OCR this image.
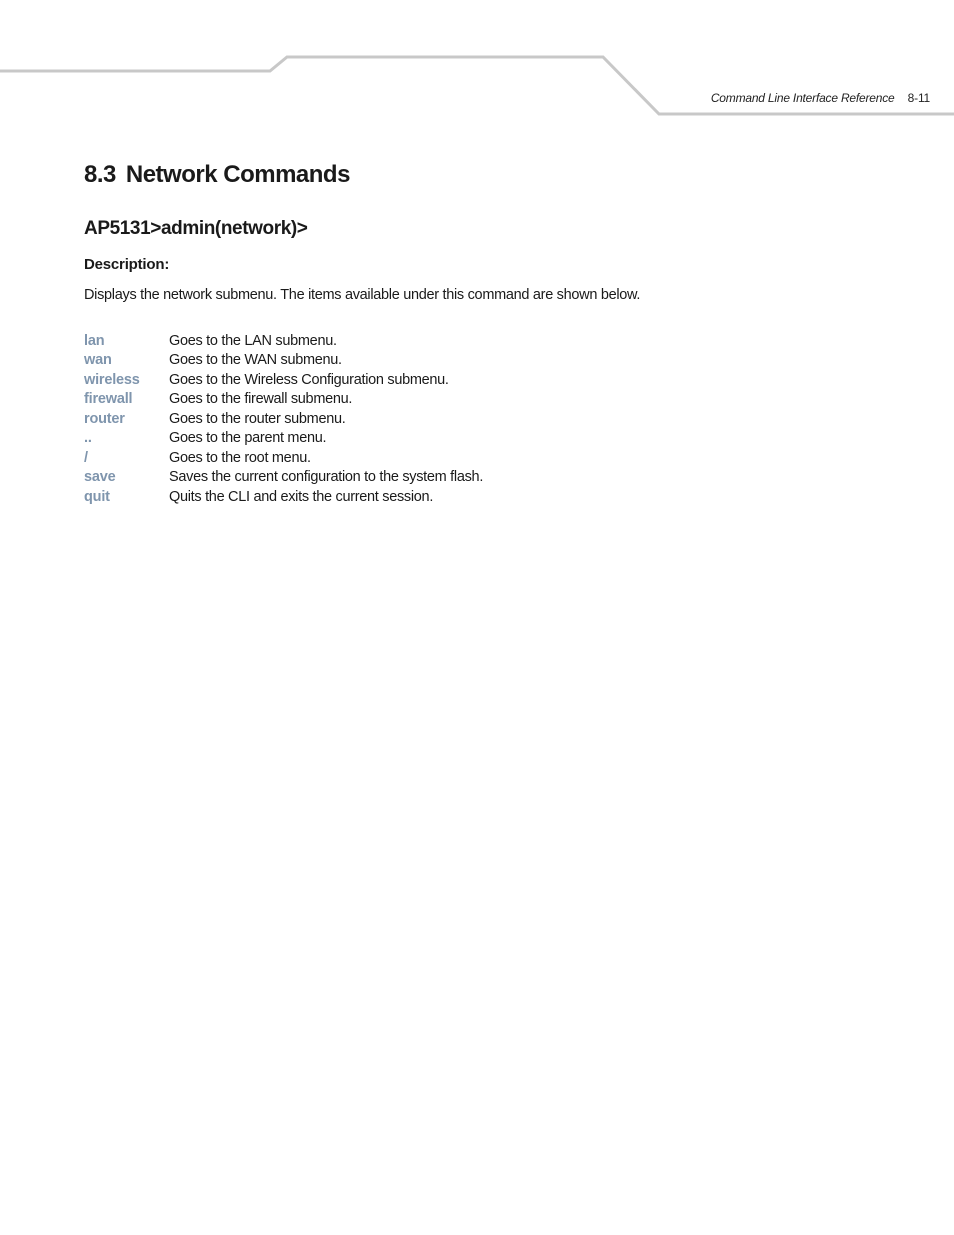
Command Line Interface Reference 8-11
8.3 Network Commands
AP5131>admin(network)>
Description:

Displays the network submenu. The items available under this command are shown below.

lan	Goes to the LAN submenu.
wan	Goes to the WAN submenu.
wireless	Goes to the Wireless Configuration submenu.
firewall	Goes to the firewall submenu.
router	Goes to the router submenu.
..	Goes to the parent menu.
/	Goes to the root menu.
save	Saves the current configuration to the system flash.
quit	Quits the CLI and exits the current session.
